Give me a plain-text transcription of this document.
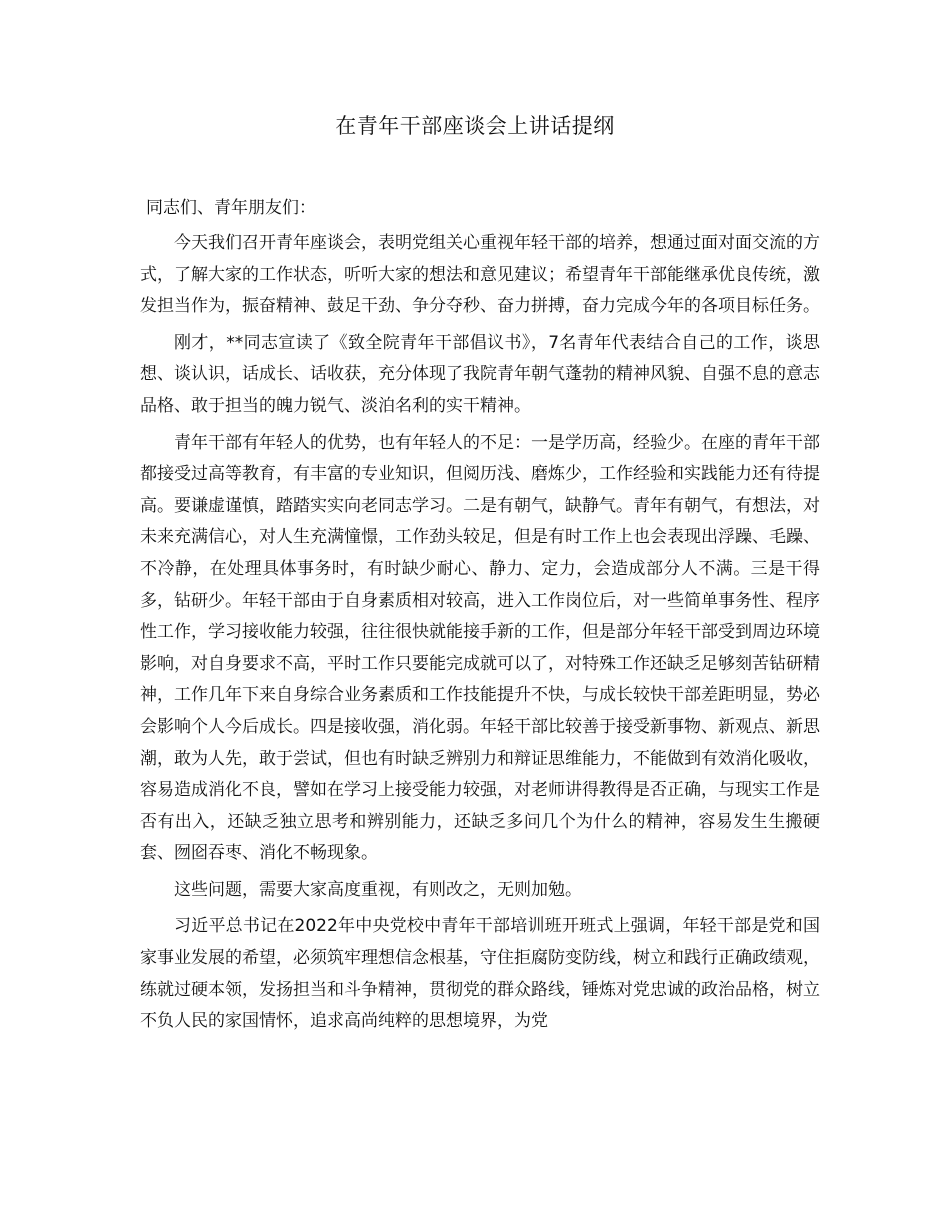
在青年干部座谈会上讲话提纲
同志们、青年朋友们：

今天我们召开青年座谈会，表明党组关心重视年轻干部的培养，想通过面对面交流的方式，了解大家的工作状态，听听大家的想法和意见建议；希望青年干部能继承优良传统，激发担当作为，振奋精神、鼓足干劲、争分夺秒、奋力拼搏，奋力完成今年的各项目标任务。

刚才，**同志宣读了《致全院青年干部倡议书》，7名青年代表结合自己的工作，谈思想、谈认识，话成长、话收获，充分体现了我院青年朝气蓬勃的精神风貌、自强不息的意志品格、敢于担当的魄力锐气、淡泊名利的实干精神。

青年干部有年轻人的优势，也有年轻人的不足：一是学历高，经验少。在座的青年干部都接受过高等教育，有丰富的专业知识，但阅历浅、磨炼少，工作经验和实践能力还有待提高。要谦虚谨慎，踏踏实实向老同志学习。二是有朝气，缺静气。青年有朝气，有想法，对未来充满信心，对人生充满憧憬，工作劲头较足，但是有时工作上也会表现出浮躁、毛躁、不冷静，在处理具体事务时，有时缺少耐心、静力、定力，会造成部分人不满。三是干得多，钻研少。年轻干部由于自身素质相对较高，进入工作岗位后，对一些简单事务性、程序性工作，学习接收能力较强，往往很快就能接手新的工作，但是部分年轻干部受到周边环境影响，对自身要求不高，平时工作只要能完成就可以了，对特殊工作还缺乏足够刻苦钻研精神，工作几年下来自身综合业务素质和工作技能提升不快，与成长较快干部差距明显，势必会影响个人今后成长。四是接收强，消化弱。年轻干部比较善于接受新事物、新观点、新思潮，敢为人先，敢于尝试，但也有时缺乏辨别力和辩证思维能力，不能做到有效消化吸收，容易造成消化不良，譬如在学习上接受能力较强，对老师讲得教得是否正确，与现实工作是否有出入，还缺乏独立思考和辨别能力，还缺乏多问几个为什么的精神，容易发生生搬硬套、囫囵吞枣、消化不畅现象。

这些问题，需要大家高度重视，有则改之，无则加勉。

习近平总书记在2022年中央党校中青年干部培训班开班式上强调，年轻干部是党和国家事业发展的希望，必须筑牢理想信念根基，守住拒腐防变防线，树立和践行正确政绩观，练就过硬本领，发扬担当和斗争精神，贯彻党的群众路线，锤炼对党忠诚的政治品格，树立不负人民的家国情怀，追求高尚纯粹的思想境界，为党
